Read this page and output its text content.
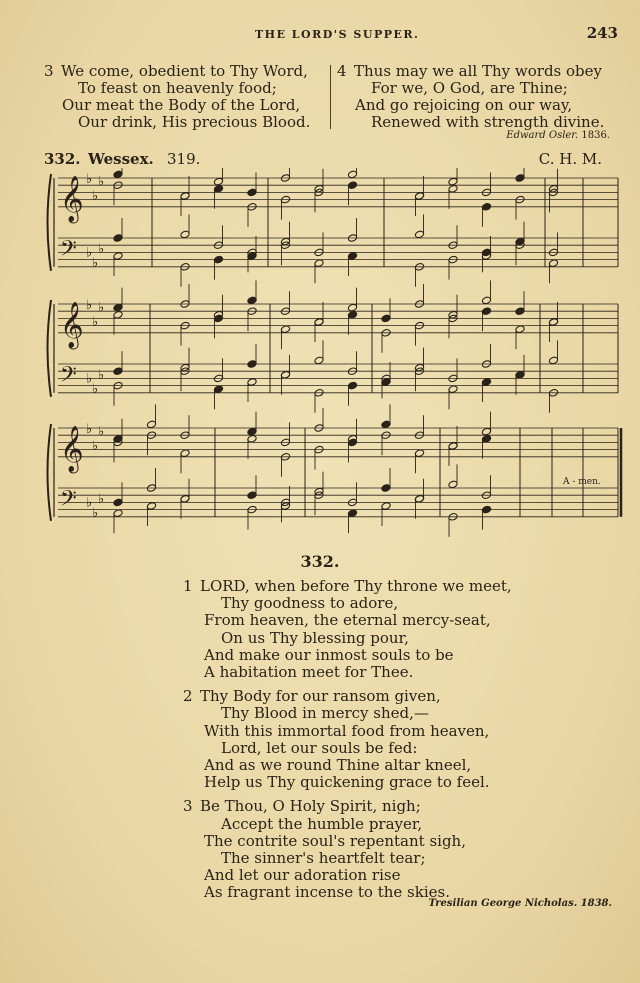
THE LORD'S SUPPER.	243
3 We come, obedient to Thy Word,
To feast on heavenly food;
Our meat the Body of the Lord,
Our drink, His precious Blood.
4 Thus may we all Thy words obey
For we, O God, are Thine;
And go rejoicing on our way,
Renewed with strength divine.
Edward Osler. 1836.
332. Wessex. 319.	C. H. M.
𝄞 ♭
♭
♭
𝄢 ♭
♭
♭
𝄞 ♭
♭
♭
𝄢 ♭
♭
♭
𝄞 ♭
♭
♭
𝄢 ♭
♭
♭
A - men.
332.
1 LORD, when before Thy throne we meet,
Thy goodness to adore,
From heaven, the eternal mercy-seat,
On us Thy blessing pour,
And make our inmost souls to be
A habitation meet for Thee.
2 Thy Body for our ransom given,
Thy Blood in mercy shed,—
With this immortal food from heaven,
Lord, let our souls be fed:
And as we round Thine altar kneel,
Help us Thy quickening grace to feel.
3 Be Thou, O Holy Spirit, nigh;
Accept the humble prayer,
The contrite soul's repentant sigh,
The sinner's heartfelt tear;
And let our adoration rise
As fragrant incense to the skies.
Tresilian George Nicholas. 1838.
